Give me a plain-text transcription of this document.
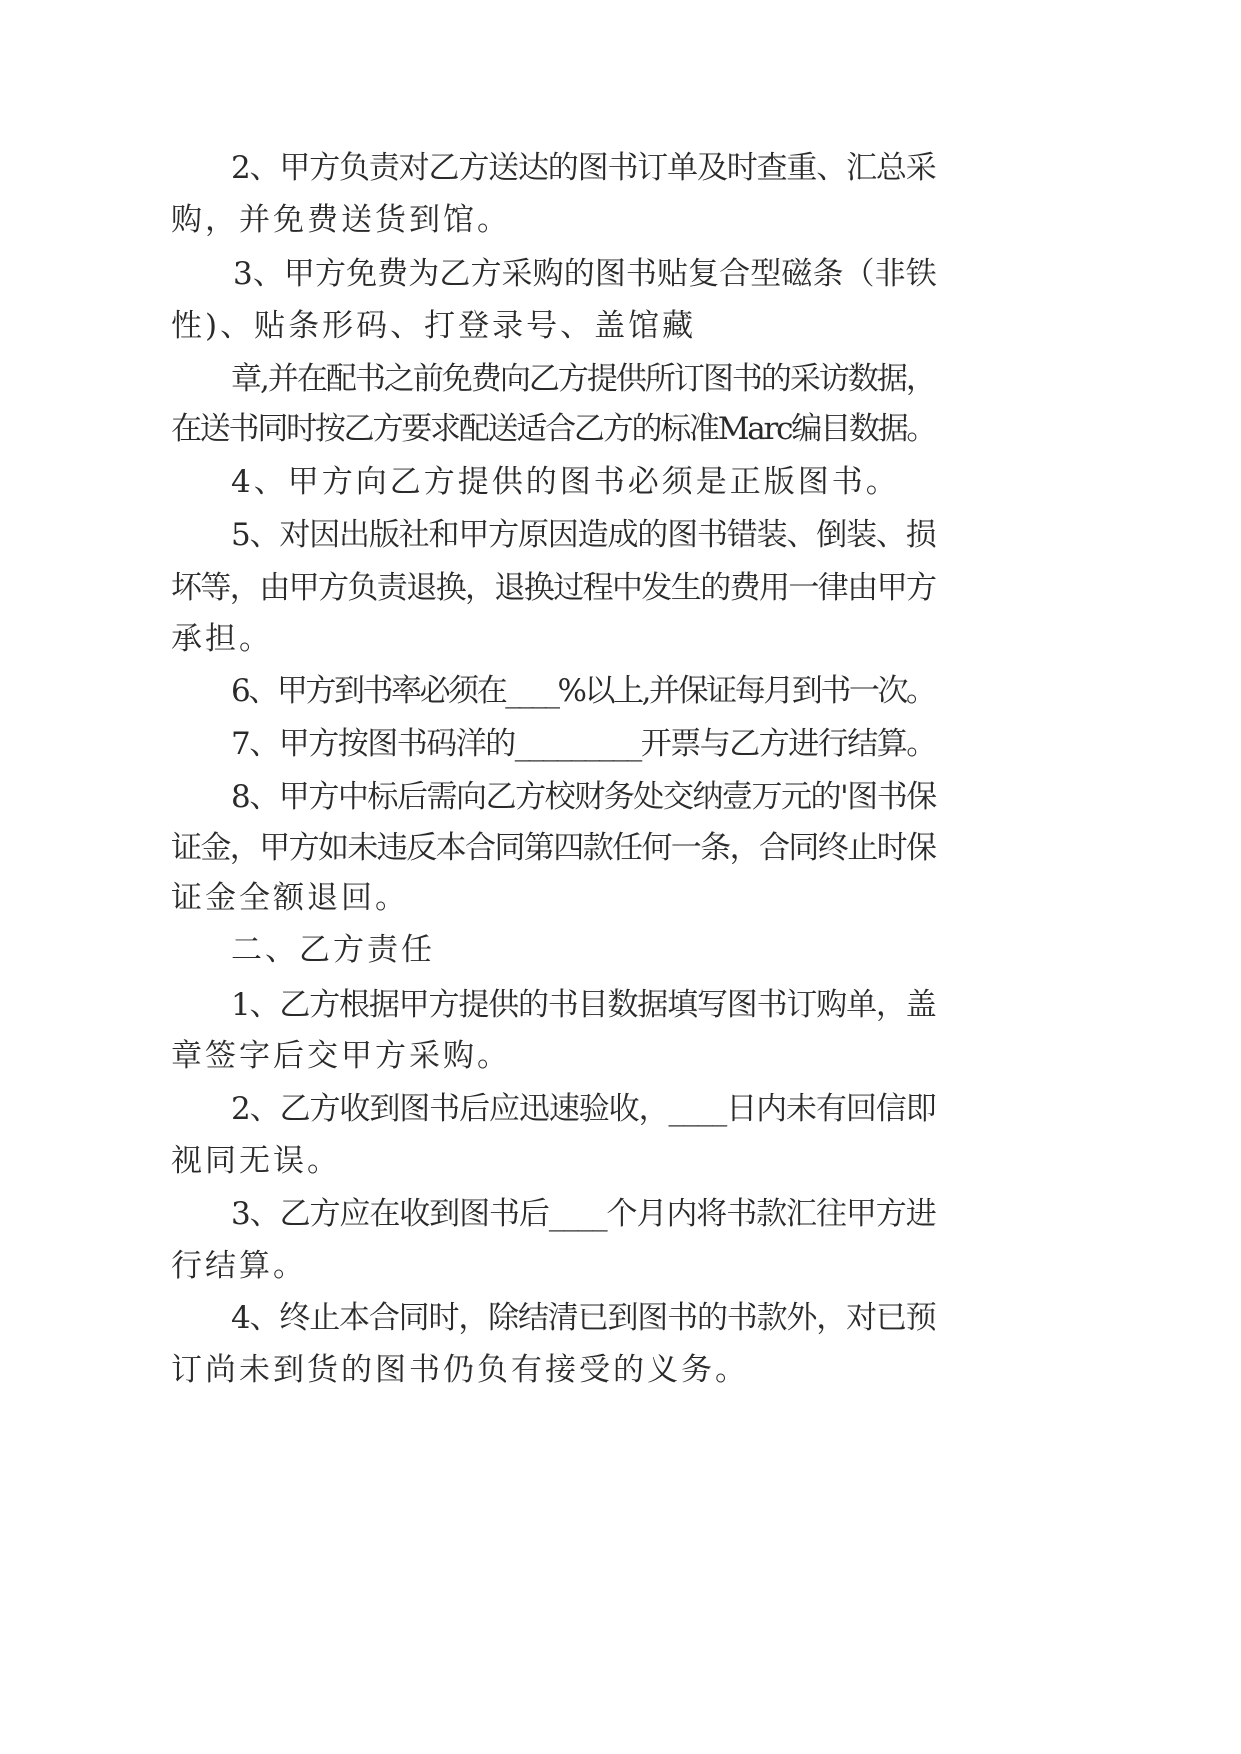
2、甲方负责对乙方送达的图书订单及时查重、汇总采
购，并免费送货到馆。
3、甲方免费为乙方采购的图书贴复合型磁条（非铁
性)、贴条形码、打登录号、盖馆藏
章,并在配书之前免费向乙方提供所订图书的采访数据，
在送书同时按乙方要求配送适合乙方的标准Marc编目数据。
4、甲方向乙方提供的图书必须是正版图书。
5、对因出版社和甲方原因造成的图书错装、倒装、损
坏等，由甲方负责退换，退换过程中发生的费用一律由甲方
承担。
6、甲方到书率必须在____%以上,并保证每月到书一次。
7、甲方按图书码洋的_________开票与乙方进行结算。
8、甲方中标后需向乙方校财务处交纳壹万元的'图书保
证金，甲方如未违反本合同第四款任何一条，合同终止时保
证金全额退回。
二、乙方责任
1、乙方根据甲方提供的书目数据填写图书订购单，盖
章签字后交甲方采购。
2、乙方收到图书后应迅速验收，____日内未有回信即
视同无误。
3、乙方应在收到图书后____个月内将书款汇往甲方进
行结算。
4、终止本合同时，除结清已到图书的书款外，对已预
订尚未到货的图书仍负有接受的义务。
